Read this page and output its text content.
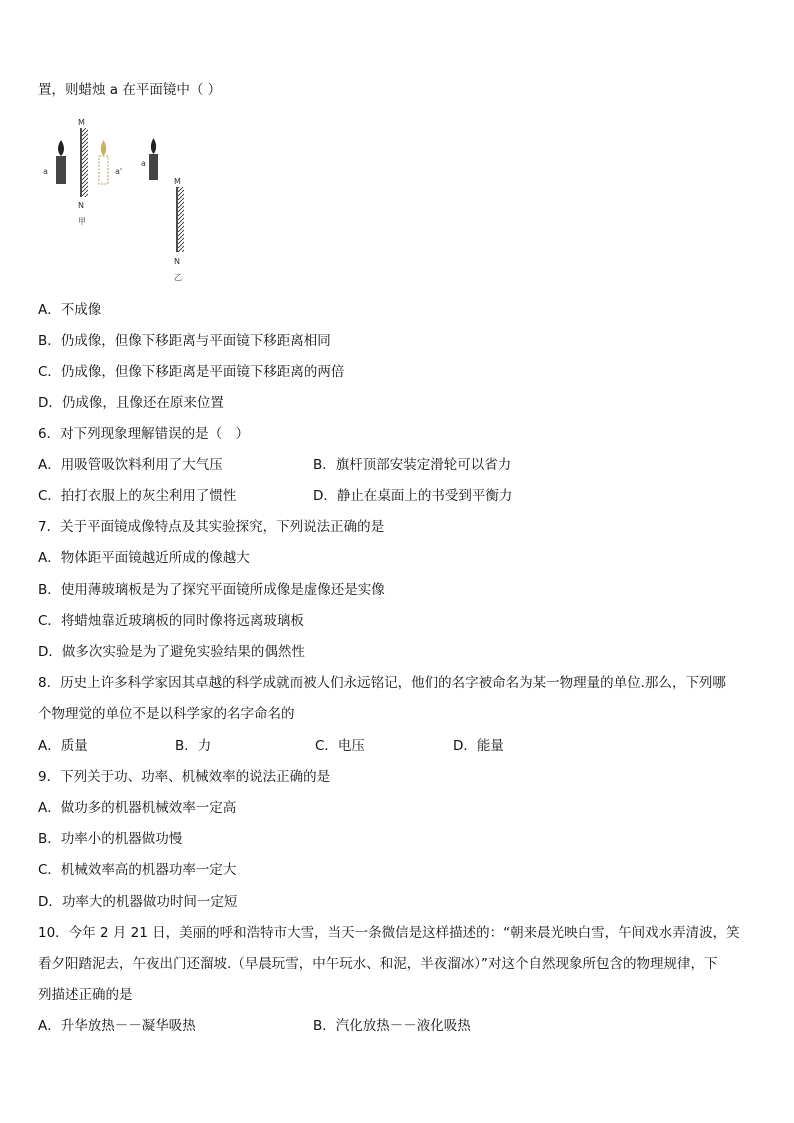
置，则蜡烛 a 在平面镜中（ ）
M
N
甲
a	a'
a
M
N
乙
A．不成像
B．仍成像，但像下移距离与平面镜下移距离相同
C．仍成像，但像下移距离是平面镜下移距离的两倍
D．仍成像，且像还在原来位置
6．对下列现象理解错误的是（　）
A．用吸管吸饮料利用了大气压	B．旗杆顶部安装定滑轮可以省力
C．拍打衣服上的灰尘利用了惯性	D．静止在桌面上的书受到平衡力
7．关于平面镜成像特点及其实验探究，下列说法正确的是
A．物体距平面镜越近所成的像越大
B．使用薄玻璃板是为了探究平面镜所成像是虚像还是实像
C．将蜡烛靠近玻璃板的同时像将远离玻璃板
D．做多次实验是为了避免实验结果的偶然性
8．历史上许多科学家因其卓越的科学成就而被人们永远铭记，他们的名字被命名为某一物理量的单位.那么，下列哪
个物理觉的单位不是以科学家的名字命名的
A．质量	B．力	C．电压	D．能量
9．下列关于功、功率、机械效率的说法正确的是
A．做功多的机器机械效率一定高
B．功率小的机器做功慢
C．机械效率高的机器功率一定大
D．功率大的机器做功时间一定短
10．今年 2 月 21 日，美丽的呼和浩特市大雪，当天一条微信是这样描述的：“朝来晨光映白雪，午间戏水弄清波，笑
看夕阳踏泥去，午夜出门还溜坡.（早晨玩雪，中午玩水、和泥，半夜溜冰）”对这个自然现象所包含的物理规律，下
列描述正确的是
A．升华放热－－凝华吸热	B．汽化放热－－液化吸热
